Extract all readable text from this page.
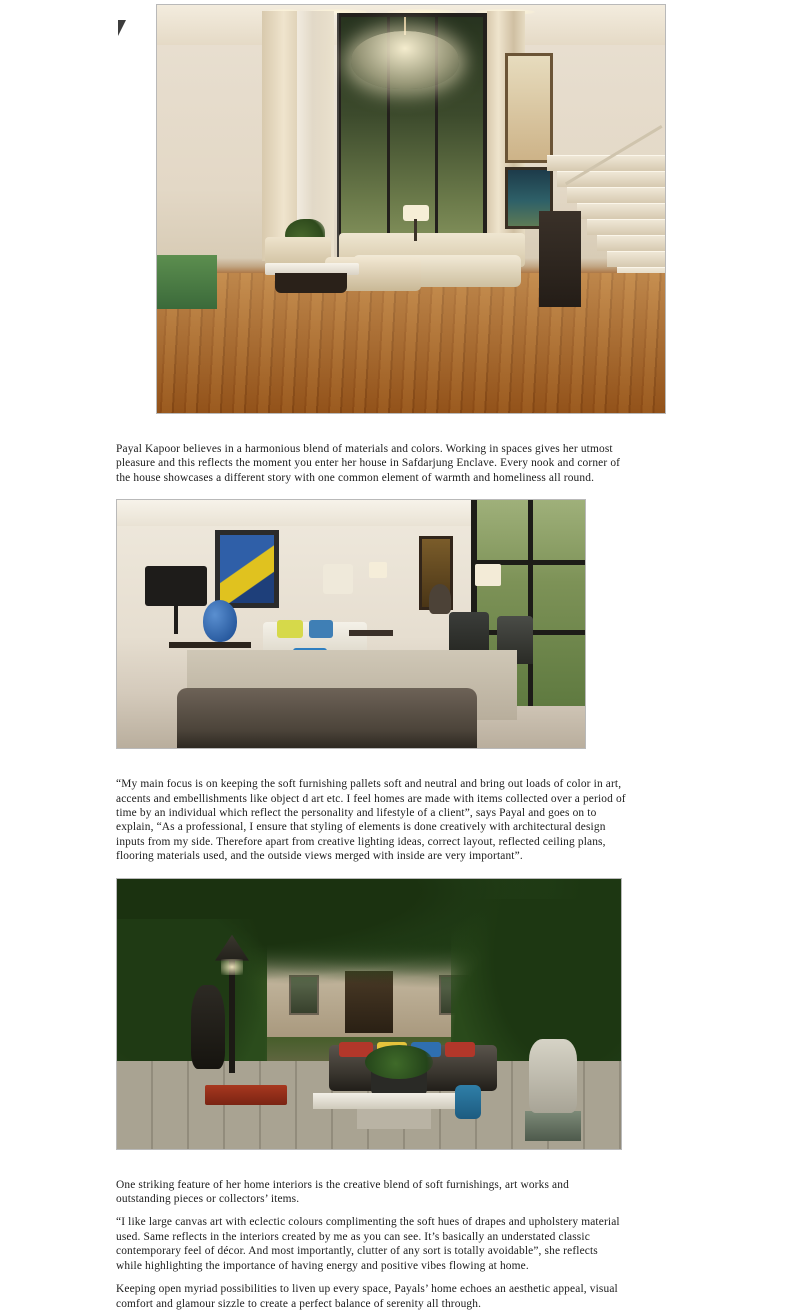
Payal Kapoor believes in a harmonious blend of materials and colors. Working in spaces gives her utmost pleasure and this reflects the moment you enter her house in Safdarjung Enclave. Every nook and corner of the house showcases a different story with one common element of warmth and homeliness all round.

“My main focus is on keeping the soft furnishing pallets soft and neutral and bring out loads of color in art, accents and embellishments like object d art etc. I feel homes are made with items collected over a period of time by an individual which reflect the personality and lifestyle of a client”, says Payal and goes on to explain, “As a professional, I ensure that styling of elements is done creatively with architectural design inputs from my side. Therefore apart from creative lighting ideas, correct layout, reflected ceiling plans, flooring materials used, and the outside views merged with inside are very important”.

One striking feature of her home interiors is the creative blend of soft furnishings, art works and outstanding pieces or collectors’ items.

“I like large canvas art with eclectic colours complimenting the soft hues of drapes and upholstery material used. Same reflects in the interiors created by me as you can see. It’s basically an understated classic contemporary feel of décor. And most importantly, clutter of any sort is totally avoidable”, she reflects while highlighting the importance of having energy and positive vibes flowing at home.

Keeping open myriad possibilities to liven up every space, Payals’ home echoes an aesthetic appeal, visual comfort and glamour sizzle to create a perfect balance of serenity all through.
